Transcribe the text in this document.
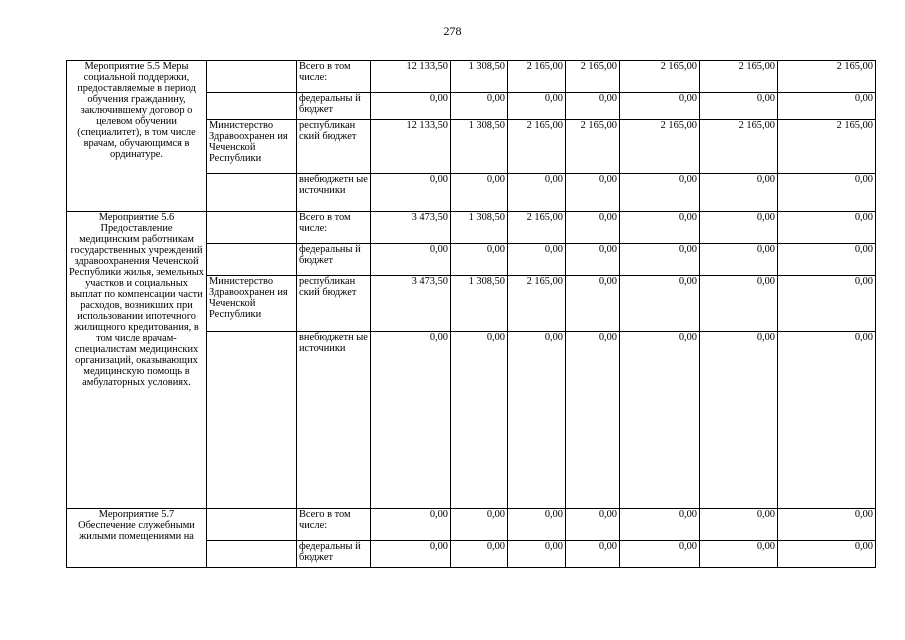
278
Мероприятие 5.5 Меры социальной поддержки, предоставляемые в период обучения гражданину, заключившему договор о целевом обучении (специалитет), в том числе врачам, обучающимся в ординатуре.		Всего в том числе:	12 133,50	1 308,50	2 165,00	2 165,00	2 165,00	2 165,00	2 165,00
		федеральны й бюджет	0,00	0,00	0,00	0,00	0,00	0,00	0,00
	Министерство Здравоохранен ия Чеченской Республики	республикан ский бюджет	12 133,50	1 308,50	2 165,00	2 165,00	2 165,00	2 165,00	2 165,00
		внебюджетн ые источники	0,00	0,00	0,00	0,00	0,00	0,00	0,00
Мероприятие 5.6 Предоставление медицинским работникам государственных учреждений здравоохранения Чеченской Республики жилья, земельных участков и социальных выплат по компенсации части расходов, возникших при использовании ипотечного жилищного кредитования, в том числе врачам-специалистам медицинских организаций, оказывающих медицинскую помощь в амбулаторных условиях.		Всего в том числе:	3 473,50	1 308,50	2 165,00	0,00	0,00	0,00	0,00
		федеральны й бюджет	0,00	0,00	0,00	0,00	0,00	0,00	0,00
	Министерство Здравоохранен ия Чеченской Республики	республикан ский бюджет	3 473,50	1 308,50	2 165,00	0,00	0,00	0,00	0,00
		внебюджетн ые источники	0,00	0,00	0,00	0,00	0,00	0,00	0,00
Мероприятие 5.7 Обеспечение служебными жилыми помещениями на		Всего в том числе:	0,00	0,00	0,00	0,00	0,00	0,00	0,00
		федеральны й бюджет	0,00	0,00	0,00	0,00	0,00	0,00	0,00
